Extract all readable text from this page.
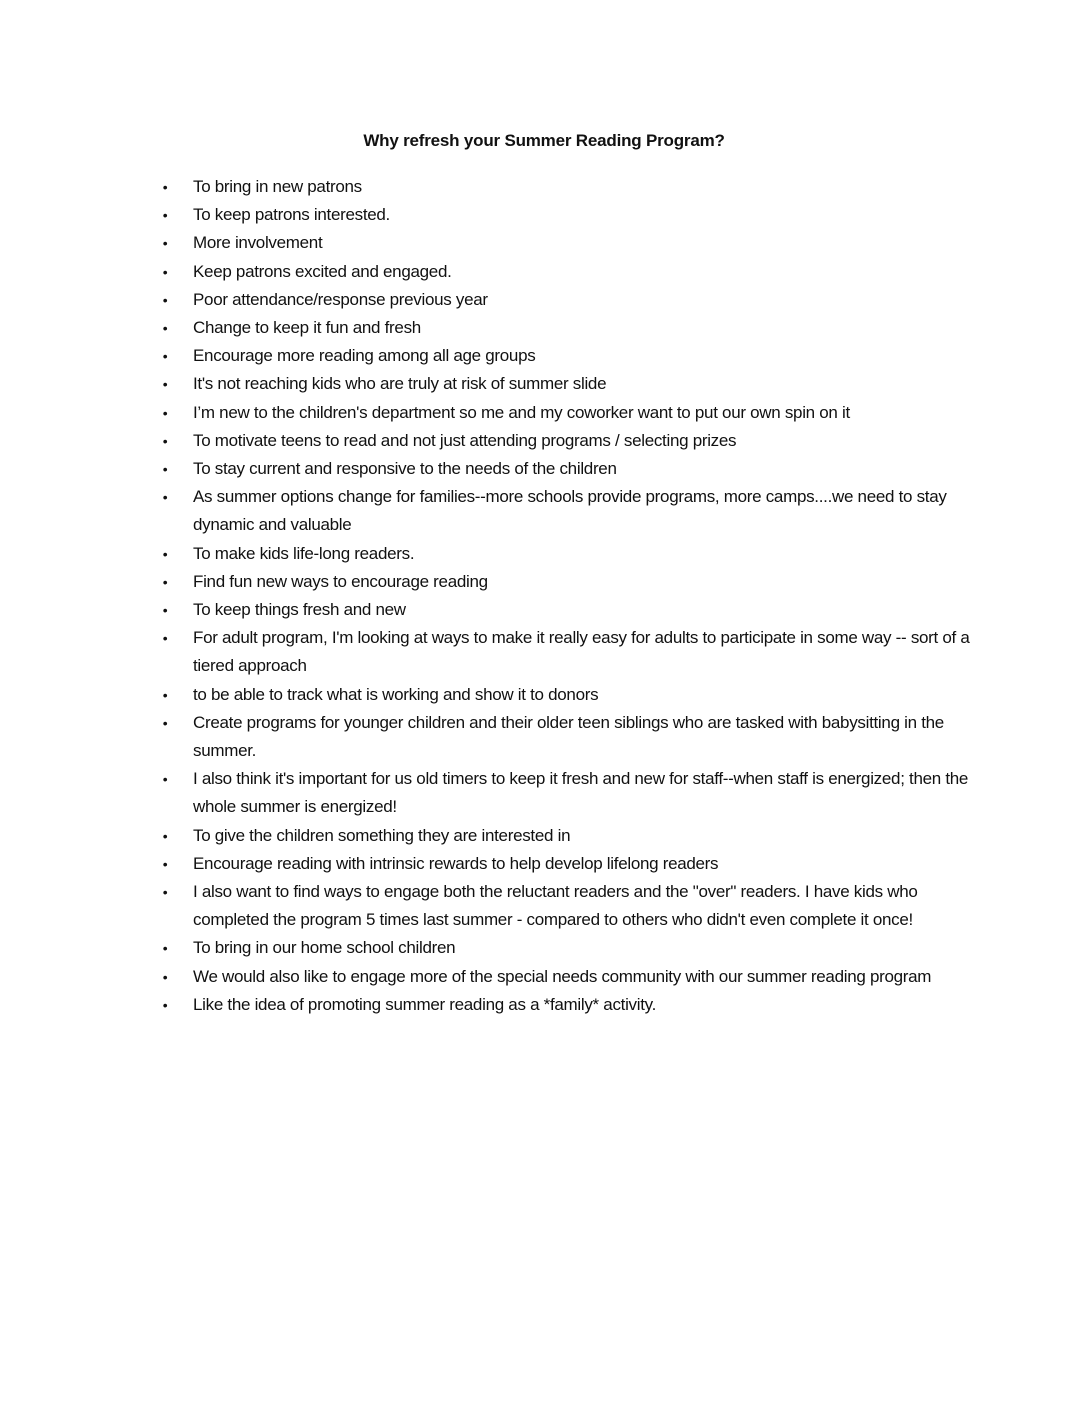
Why refresh your Summer Reading Program?
• To bring in new patrons
• To keep patrons interested.
• More involvement
• Keep patrons excited and engaged.
• Poor attendance/response previous year
• Change to keep it fun and fresh
• Encourage more reading among all age groups
• It's not reaching kids who are truly at risk of summer slide
• I’m new to the children's department so me and my coworker want to put our own spin on it
• To motivate teens to read and not just attending programs / selecting prizes
• To stay current and responsive to the needs of the children
• As summer options change for families--more schools provide programs, more camps....we need to stay dynamic and valuable
• To make kids life-long readers.
• Find fun new ways to encourage reading
• To keep things fresh and new
• For adult program, I'm looking at ways to make it really easy for adults to participate in some way -- sort of a tiered approach
• to be able to track what is working and show it to donors
• Create programs for younger children and their older teen siblings who are tasked with babysitting in the summer.
• I also think it's important for us old timers to keep it fresh and new for staff--when staff is energized; then the whole summer is energized!
• To give the children something they are interested in
• Encourage reading with intrinsic rewards to help develop lifelong readers
• I also want to find ways to engage both the reluctant readers and the "over" readers. I have kids who completed the program 5 times last summer - compared to others who didn't even complete it once!
• To bring in our home school children
• We would also like to engage more of the special needs community with our summer reading program
• Like the idea of promoting summer reading as a *family* activity.
